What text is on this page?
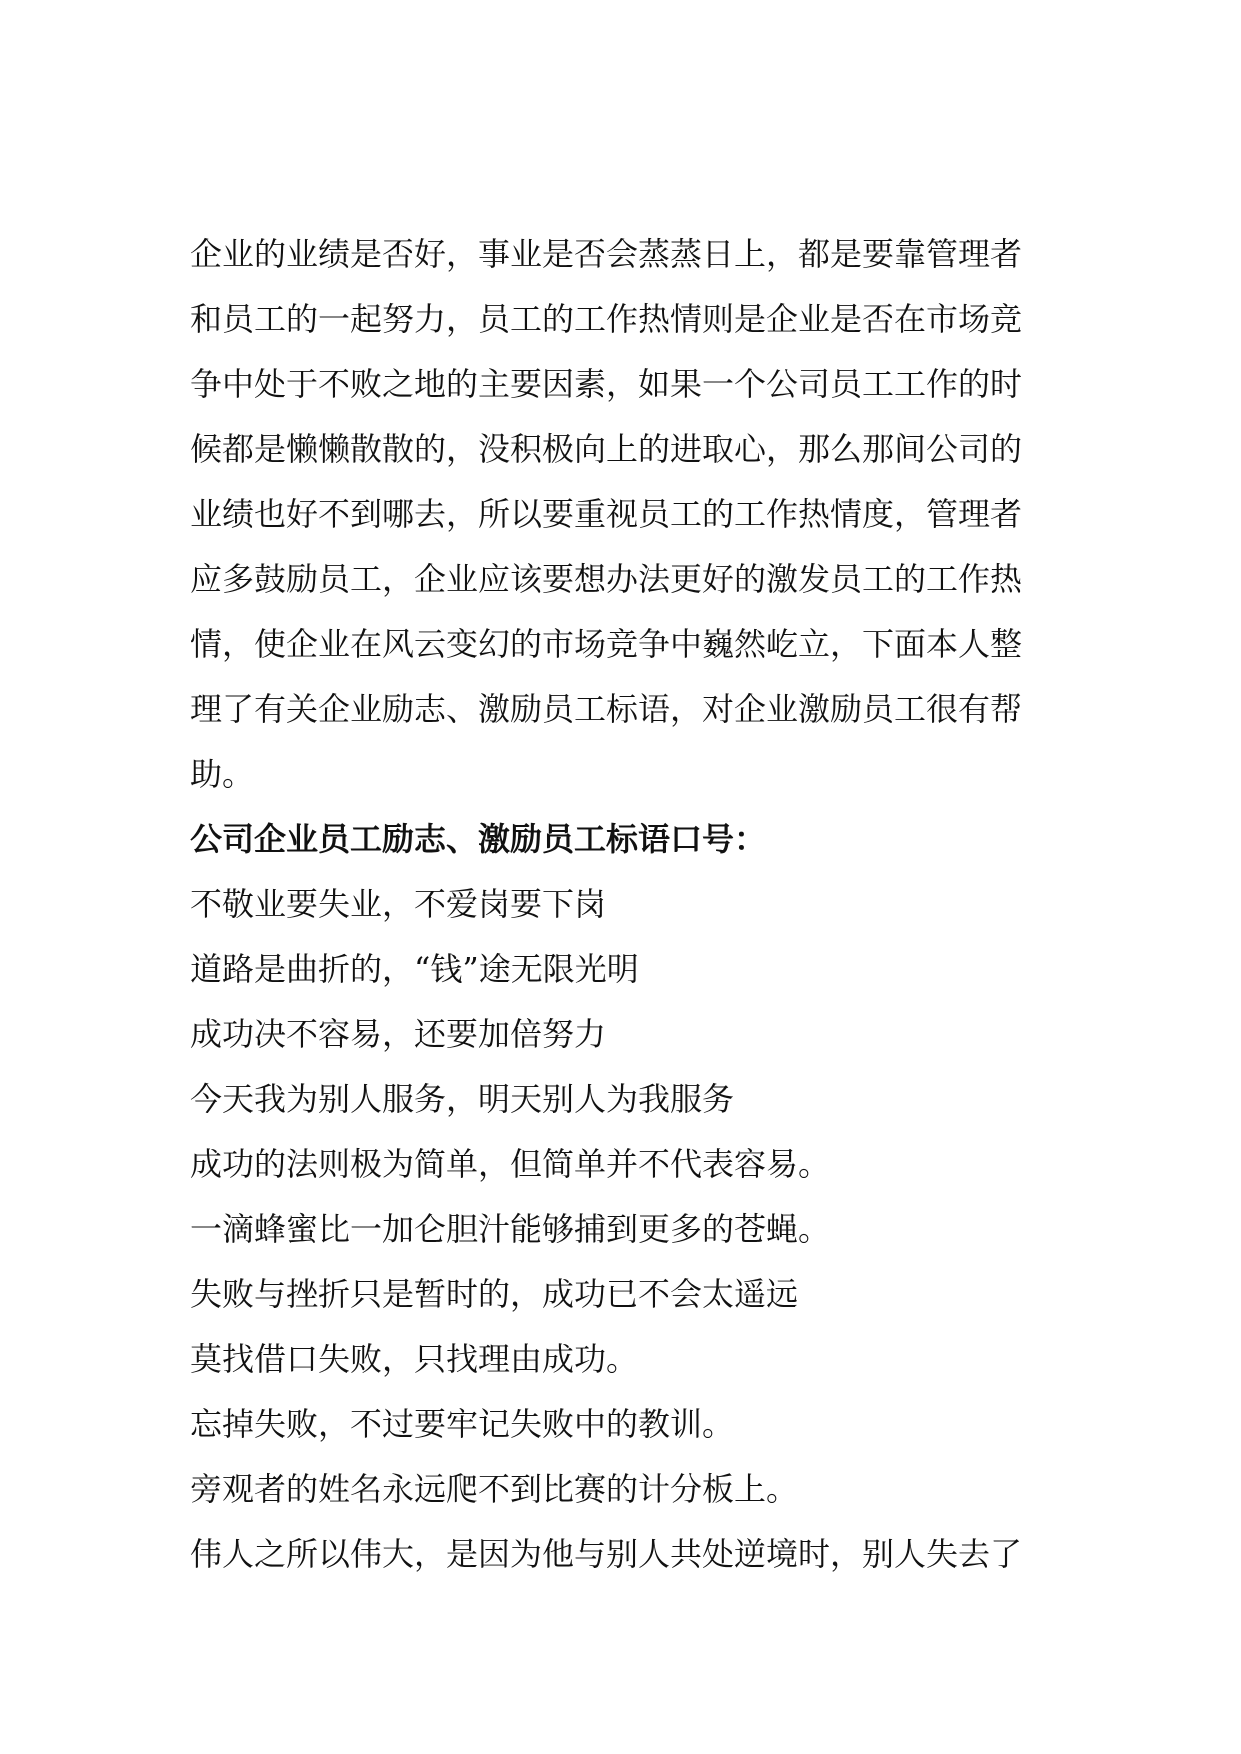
企业的业绩是否好，事业是否会蒸蒸日上，都是要靠管理者和员工的一起努力，员工的工作热情则是企业是否在市场竞争中处于不败之地的主要因素，如果一个公司员工工作的时候都是懒懒散散的，没积极向上的进取心，那么那间公司的业绩也好不到哪去，所以要重视员工的工作热情度，管理者应多鼓励员工，企业应该要想办法更好的激发员工的工作热情，使企业在风云变幻的市场竞争中巍然屹立，下面本人整理了有关企业励志、激励员工标语，对企业激励员工很有帮助。

公司企业员工励志、激励员工标语口号：

不敬业要失业，不爱岗要下岗
道路是曲折的，“钱”途无限光明
成功决不容易，还要加倍努力
今天我为别人服务，明天别人为我服务
成功的法则极为简单，但简单并不代表容易。
一滴蜂蜜比一加仑胆汁能够捕到更多的苍蝇。
失败与挫折只是暂时的，成功已不会太遥远
莫找借口失败，只找理由成功。
忘掉失败，不过要牢记失败中的教训。
旁观者的姓名永远爬不到比赛的计分板上。
伟人之所以伟大，是因为他与别人共处逆境时，别人失去了
